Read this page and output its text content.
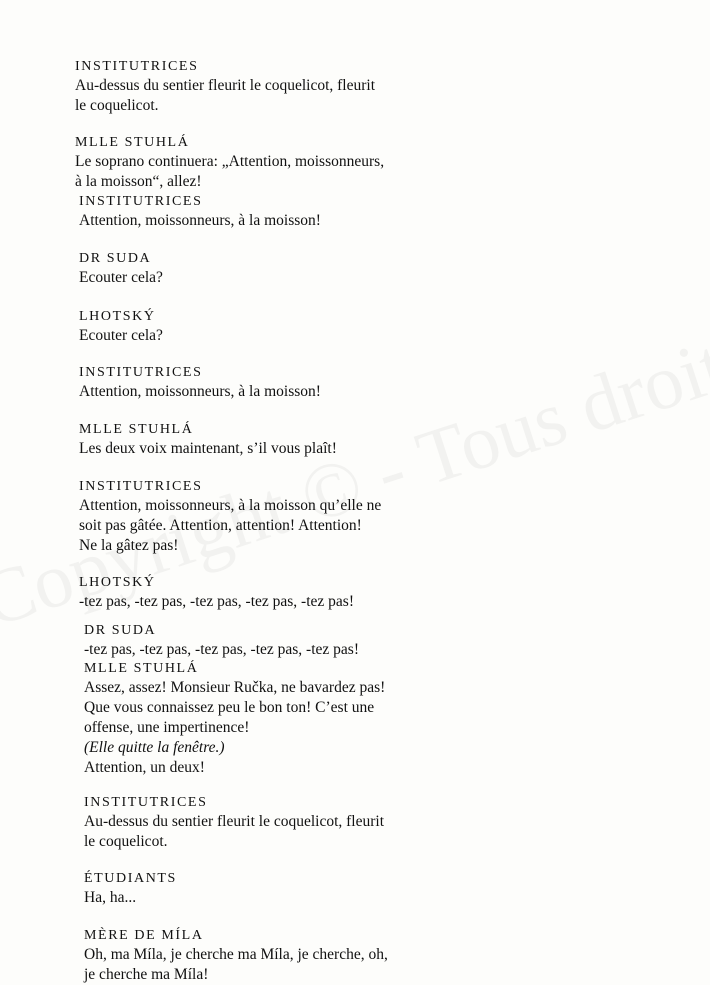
INSTITUTRICES
Au-dessus du sentier fleurit le coquelicot, fleurit
le coquelicot.
MLLE STUHLÁ
Le soprano continuera: „Attention, moissonneurs,
à la moisson“, allez!
INSTITUTRICES
Attention, moissonneurs, à la moisson!
DR SUDA
Ecouter cela?
LHOTSKÝ
Ecouter cela?
INSTITUTRICES
Attention, moissonneurs, à la moisson!
MLLE STUHLÁ
Les deux voix maintenant, s’il vous plaît!
INSTITUTRICES
Attention, moissonneurs, à la moisson qu’elle ne
soit pas gâtée. Attention, attention! Attention!
Ne la gâtez pas!
LHOTSKÝ
-tez pas, -tez pas, -tez pas, -tez pas, -tez pas!
DR SUDA
-tez pas, -tez pas, -tez pas, -tez pas, -tez pas!
MLLE STUHLÁ
Assez, assez! Monsieur Ručka, ne bavardez pas!
Que vous connaissez peu le bon ton! C’est une
offense, une impertinence!
(Elle quitte la fenêtre.)
Attention, un deux!
INSTITUTRICES
Au-dessus du sentier fleurit le coquelicot, fleurit
le coquelicot.
ÉTUDIANTS
Ha, ha...
MÈRE DE MÍLA
Oh, ma Míla, je cherche ma Míla, je cherche, oh,
je cherche ma Míla!
